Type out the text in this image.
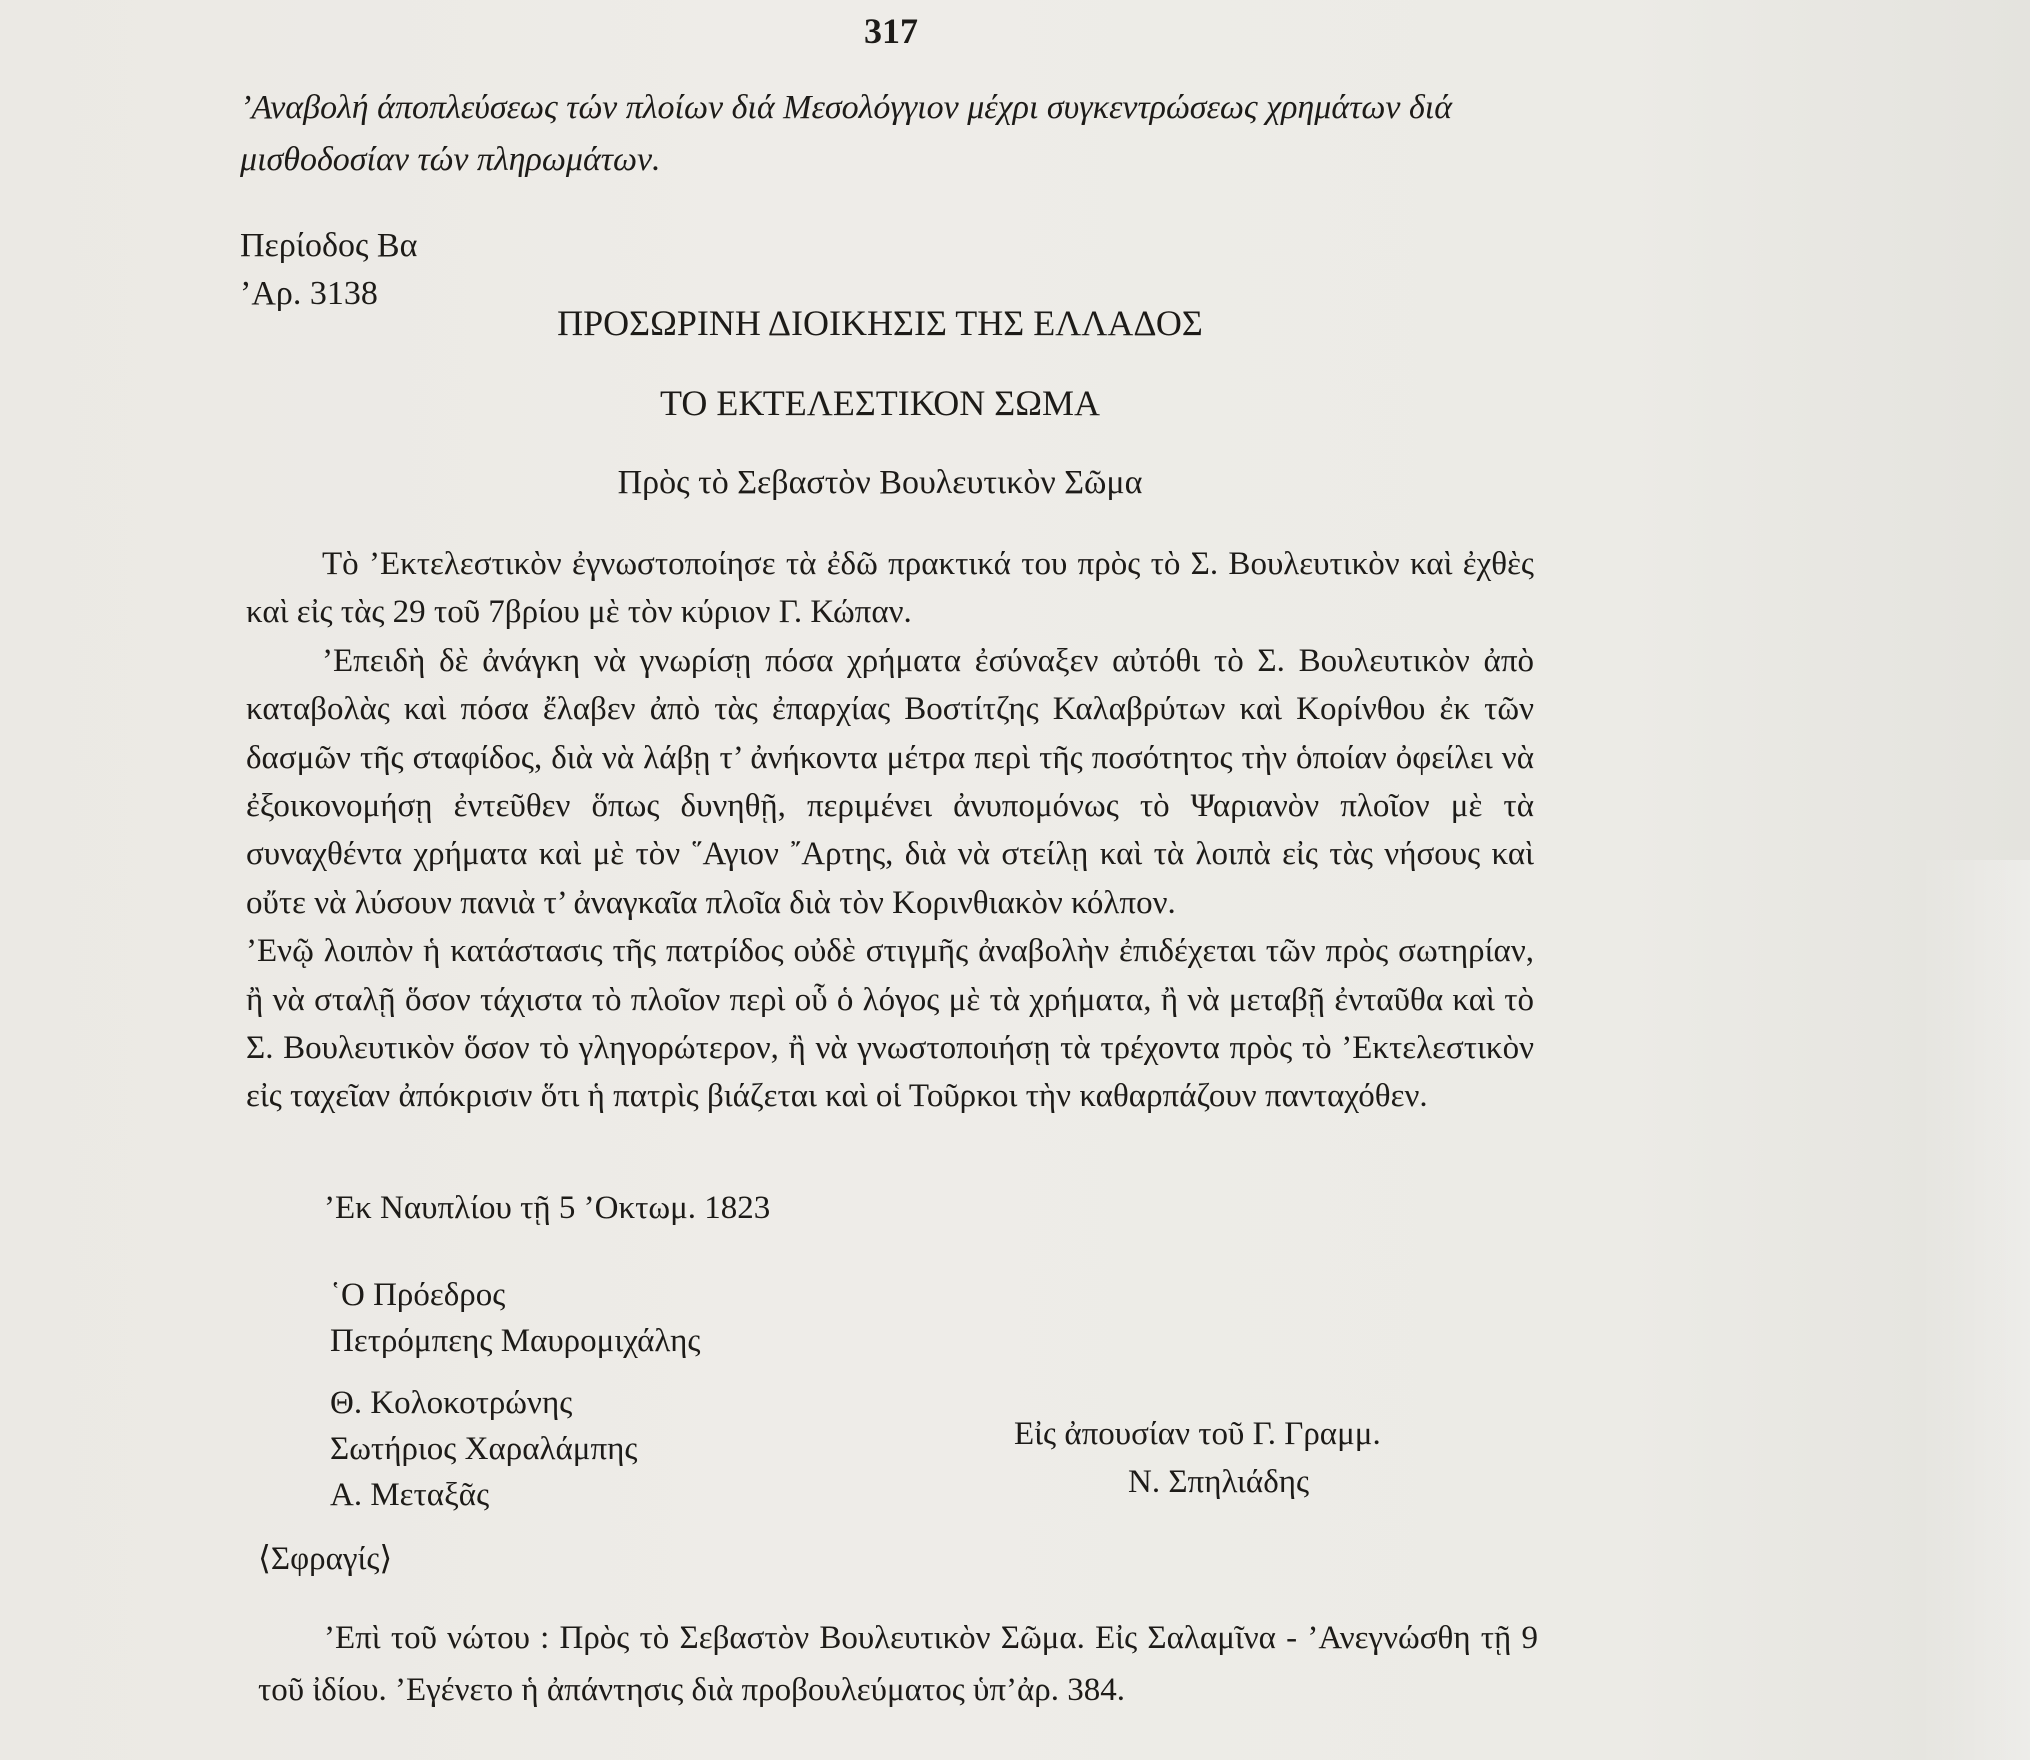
317
’Αναβολή άποπλεύσεως τών πλοίων διά Μεσολόγγιον μέχρι συγκεντρώσεως χρημάτων διά μισθοδοσίαν τών πληρωμάτων.
Περίοδος Βα
’Αρ. 3138
ΠΡΟΣΩΡΙΝΗ ΔΙΟΙΚΗΣΙΣ ΤΗΣ ΕΛΛΑΔΟΣ
ΤΟ ΕΚΤΕΛΕΣΤΙΚΟΝ ΣΩΜΑ
Πρὸς τὸ Σεβαστὸν Βουλευτικὸν Σῶμα

Τὸ ’Εκτελεστικὸν ἐγνωστοποίησε τὰ ἐδῶ πρακτικά του πρὸς τὸ Σ. Βουλευτικὸν καὶ ἐχθὲς καὶ εἰς τὰς 29 τοῦ 7βρίου μὲ τὸν κύριον Γ. Κώπαν.

’Επειδὴ δὲ ἀνάγκη νὰ γνωρίσῃ πόσα χρήματα ἐσύναξεν αὐτόθι τὸ Σ. Βουλευτικὸν ἀπὸ καταβολὰς καὶ πόσα ἔλαβεν ἀπὸ τὰς ἐπαρχίας Βοστίτζης Καλαβρύτων καὶ Κορίνθου ἐκ τῶν δασμῶν τῆς σταφίδος, διὰ νὰ λάβῃ τ’ ἀνήκοντα μέτρα περὶ τῆς ποσότητος τὴν ὁποίαν ὀφείλει νὰ ἐξοικονομήσῃ ἐντεῦθεν ὅπως δυνηθῇ, περιμένει ἀνυπομόνως τὸ Ψαριανὸν πλοῖον μὲ τὰ συναχθέντα χρήματα καὶ μὲ τὸν ῞Αγιον ῎Αρτης, διὰ νὰ στείλῃ καὶ τὰ λοιπὰ εἰς τὰς νήσους καὶ οὔτε νὰ λύσουν πανιὰ τ’ ἀναγκαῖα πλοῖα διὰ τὸν Κορινθιακὸν κόλπον.

’Ενῷ λοιπὸν ἡ κατάστασις τῆς πατρίδος οὐδὲ στιγμῆς ἀναβολὴν ἐπιδέχεται τῶν πρὸς σωτηρίαν, ἢ νὰ σταλῇ ὅσον τάχιστα τὸ πλοῖον περὶ οὗ ὁ λόγος μὲ τὰ χρήματα, ἢ νὰ μεταβῇ ἐνταῦθα καὶ τὸ Σ. Βουλευτικὸν ὅσον τὸ γληγορώτερον, ἢ νὰ γνωστοποιήσῃ τὰ τρέχοντα πρὸς τὸ ’Εκτελεστικὸν εἰς ταχεῖαν ἀπόκρισιν ὅτι ἡ πατρὶς βιάζεται καὶ οἱ Τοῦρκοι τὴν καθαρπάζουν πανταχόθεν.

’Εκ Ναυπλίου τῇ 5 ’Οκτωμ. 1823
῾Ο Πρόεδρος
Πετρόμπεης Μαυρομιχάλης
Θ. Κολοκοτρώνης
Σωτήριος Χαραλάμπης
Α. Μεταξᾶς
Εἰς ἀπουσίαν τοῦ Γ. Γραμμ.
Ν. Σπηλιάδης
⟨Σφραγίς⟩

’Επὶ τοῦ νώτου : Πρὸς τὸ Σεβαστὸν Βουλευτικὸν Σῶμα. Εἰς Σαλαμῖνα - ’Ανεγνώσθη τῇ 9 τοῦ ἰδίου. ’Εγένετο ἡ ἀπάντησις διὰ προβουλεύματος ὑπ’ἀρ. 384.
